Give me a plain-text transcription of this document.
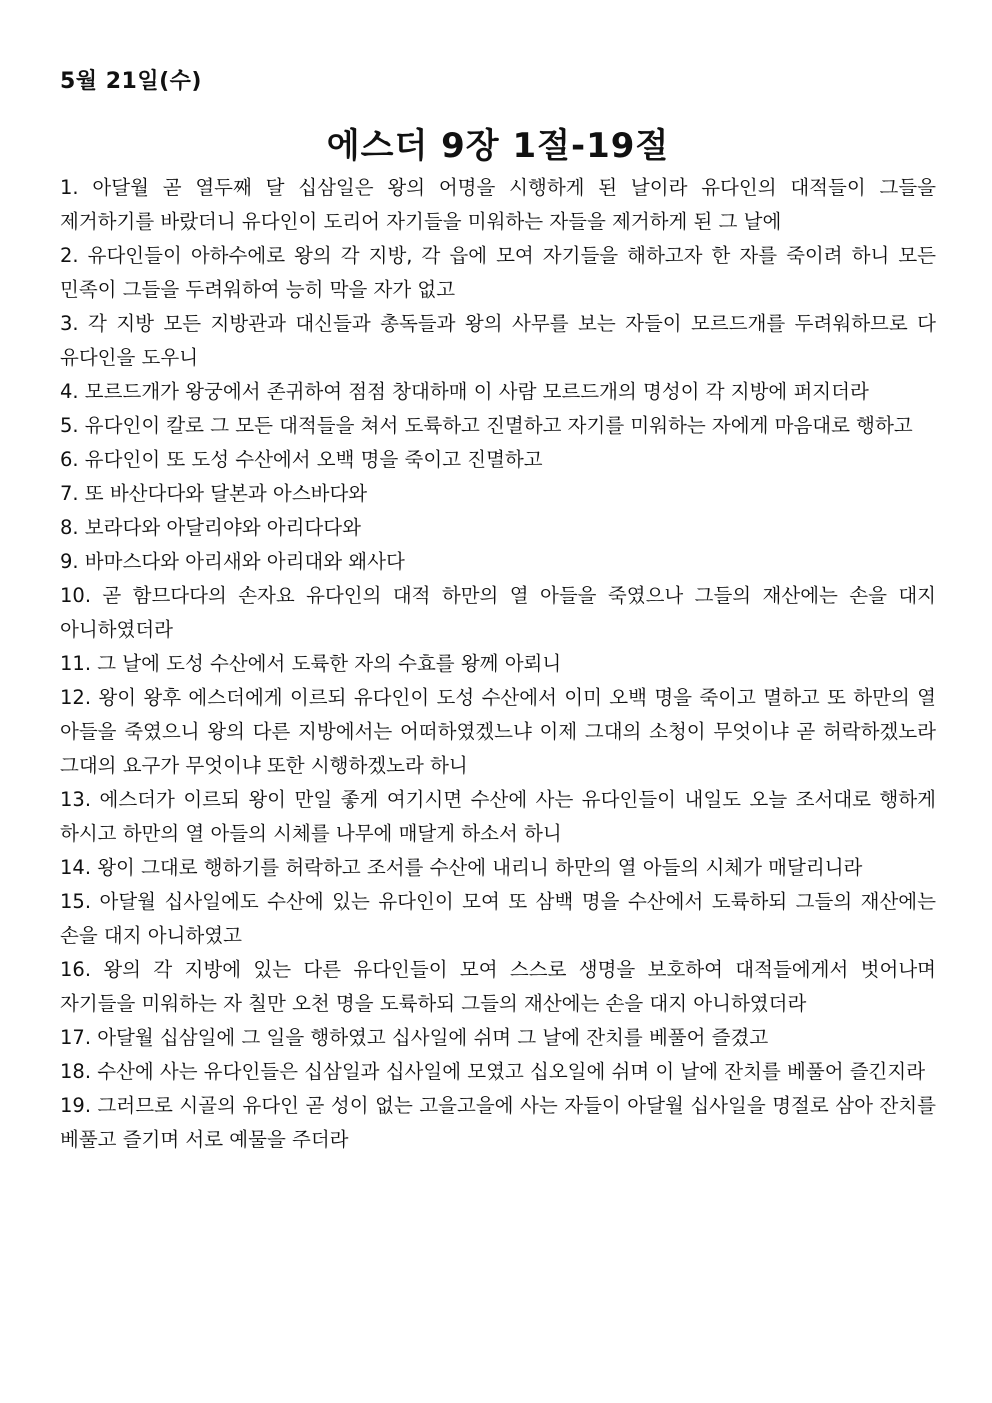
5월 21일(수)
에스더 9장 1절-19절
1. 아달월 곧 열두째 달 십삼일은 왕의 어명을 시행하게 된 날이라 유다인의 대적들이 그들을 제거하기를 바랐더니 유다인이 도리어 자기들을 미워하는 자들을 제거하게 된 그 날에
2. 유다인들이 아하수에로 왕의 각 지방, 각 읍에 모여 자기들을 해하고자 한 자를 죽이려 하니 모든 민족이 그들을 두려워하여 능히 막을 자가 없고
3. 각 지방 모든 지방관과 대신들과 총독들과 왕의 사무를 보는 자들이 모르드개를 두려워하므로 다 유다인을 도우니
4. 모르드개가 왕궁에서 존귀하여 점점 창대하매 이 사람 모르드개의 명성이 각 지방에 퍼지더라
5. 유다인이 칼로 그 모든 대적들을 쳐서 도륙하고 진멸하고 자기를 미워하는 자에게 마음대로 행하고
6. 유다인이 또 도성 수산에서 오백 명을 죽이고 진멸하고
7. 또 바산다다와 달본과 아스바다와
8. 보라다와 아달리야와 아리다다와
9. 바마스다와 아리새와 아리대와 왜사다
10. 곧 함므다다의 손자요 유다인의 대적 하만의 열 아들을 죽였으나 그들의 재산에는 손을 대지 아니하였더라
11. 그 날에 도성 수산에서 도륙한 자의 수효를 왕께 아뢰니
12. 왕이 왕후 에스더에게 이르되 유다인이 도성 수산에서 이미 오백 명을 죽이고 멸하고 또 하만의 열 아들을 죽였으니 왕의 다른 지방에서는 어떠하였겠느냐 이제 그대의 소청이 무엇이냐 곧 허락하겠노라 그대의 요구가 무엇이냐 또한 시행하겠노라 하니
13. 에스더가 이르되 왕이 만일 좋게 여기시면 수산에 사는 유다인들이 내일도 오늘 조서대로 행하게 하시고 하만의 열 아들의 시체를 나무에 매달게 하소서 하니
14. 왕이 그대로 행하기를 허락하고 조서를 수산에 내리니 하만의 열 아들의 시체가 매달리니라
15. 아달월 십사일에도 수산에 있는 유다인이 모여 또 삼백 명을 수산에서 도륙하되 그들의 재산에는 손을 대지 아니하였고
16. 왕의 각 지방에 있는 다른 유다인들이 모여 스스로 생명을 보호하여 대적들에게서 벗어나며 자기들을 미워하는 자 칠만 오천 명을 도륙하되 그들의 재산에는 손을 대지 아니하였더라
17. 아달월 십삼일에 그 일을 행하였고 십사일에 쉬며 그 날에 잔치를 베풀어 즐겼고
18. 수산에 사는 유다인들은 십삼일과 십사일에 모였고 십오일에 쉬며 이 날에 잔치를 베풀어 즐긴지라
19. 그러므로 시골의 유다인 곧 성이 없는 고을고을에 사는 자들이 아달월 십사일을 명절로 삼아 잔치를 베풀고 즐기며 서로 예물을 주더라
